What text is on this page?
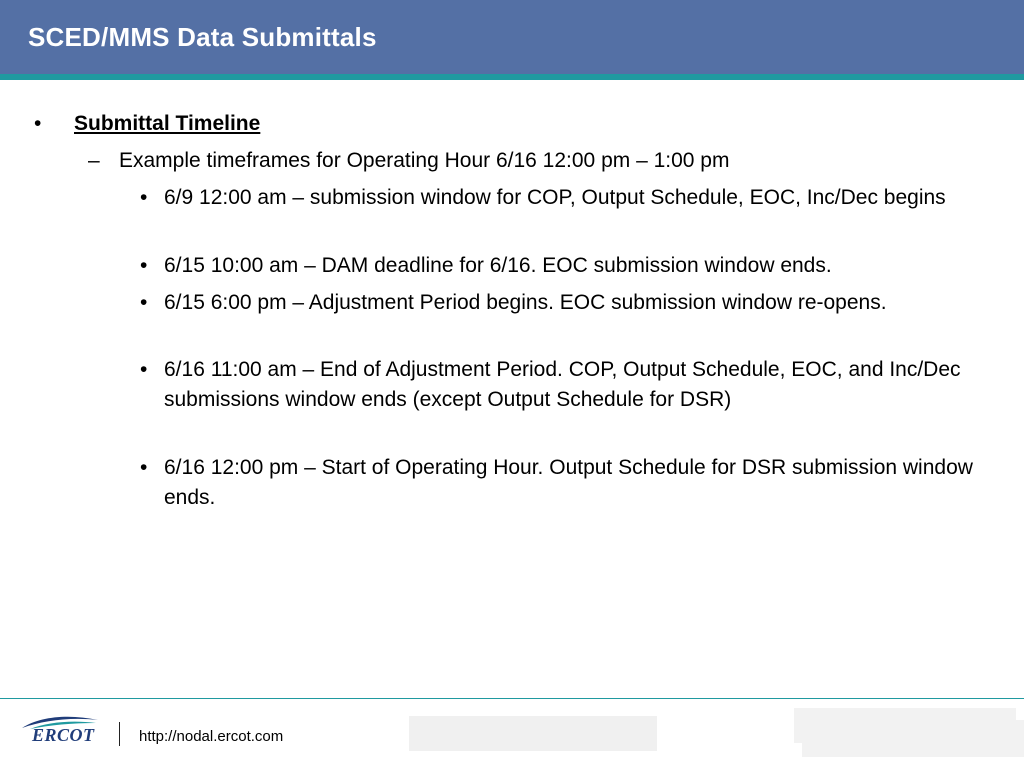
SCED/MMS Data Submittals
• Submittal Timeline
– Example timeframes for Operating Hour 6/16 12:00 pm – 1:00 pm
• 6/9 12:00 am – submission window for COP, Output Schedule, EOC, Inc/Dec begins
• 6/15 10:00 am – DAM deadline for 6/16. EOC submission window ends.
• 6/15 6:00 pm – Adjustment Period begins. EOC submission window re-opens.
• 6/16 11:00 am – End of Adjustment Period. COP, Output Schedule, EOC, and Inc/Dec submissions window ends (except Output Schedule for DSR)
• 6/16 12:00 pm – Start of Operating Hour. Output Schedule for DSR submission window ends.
ERCOT	http://nodal.ercot.com
